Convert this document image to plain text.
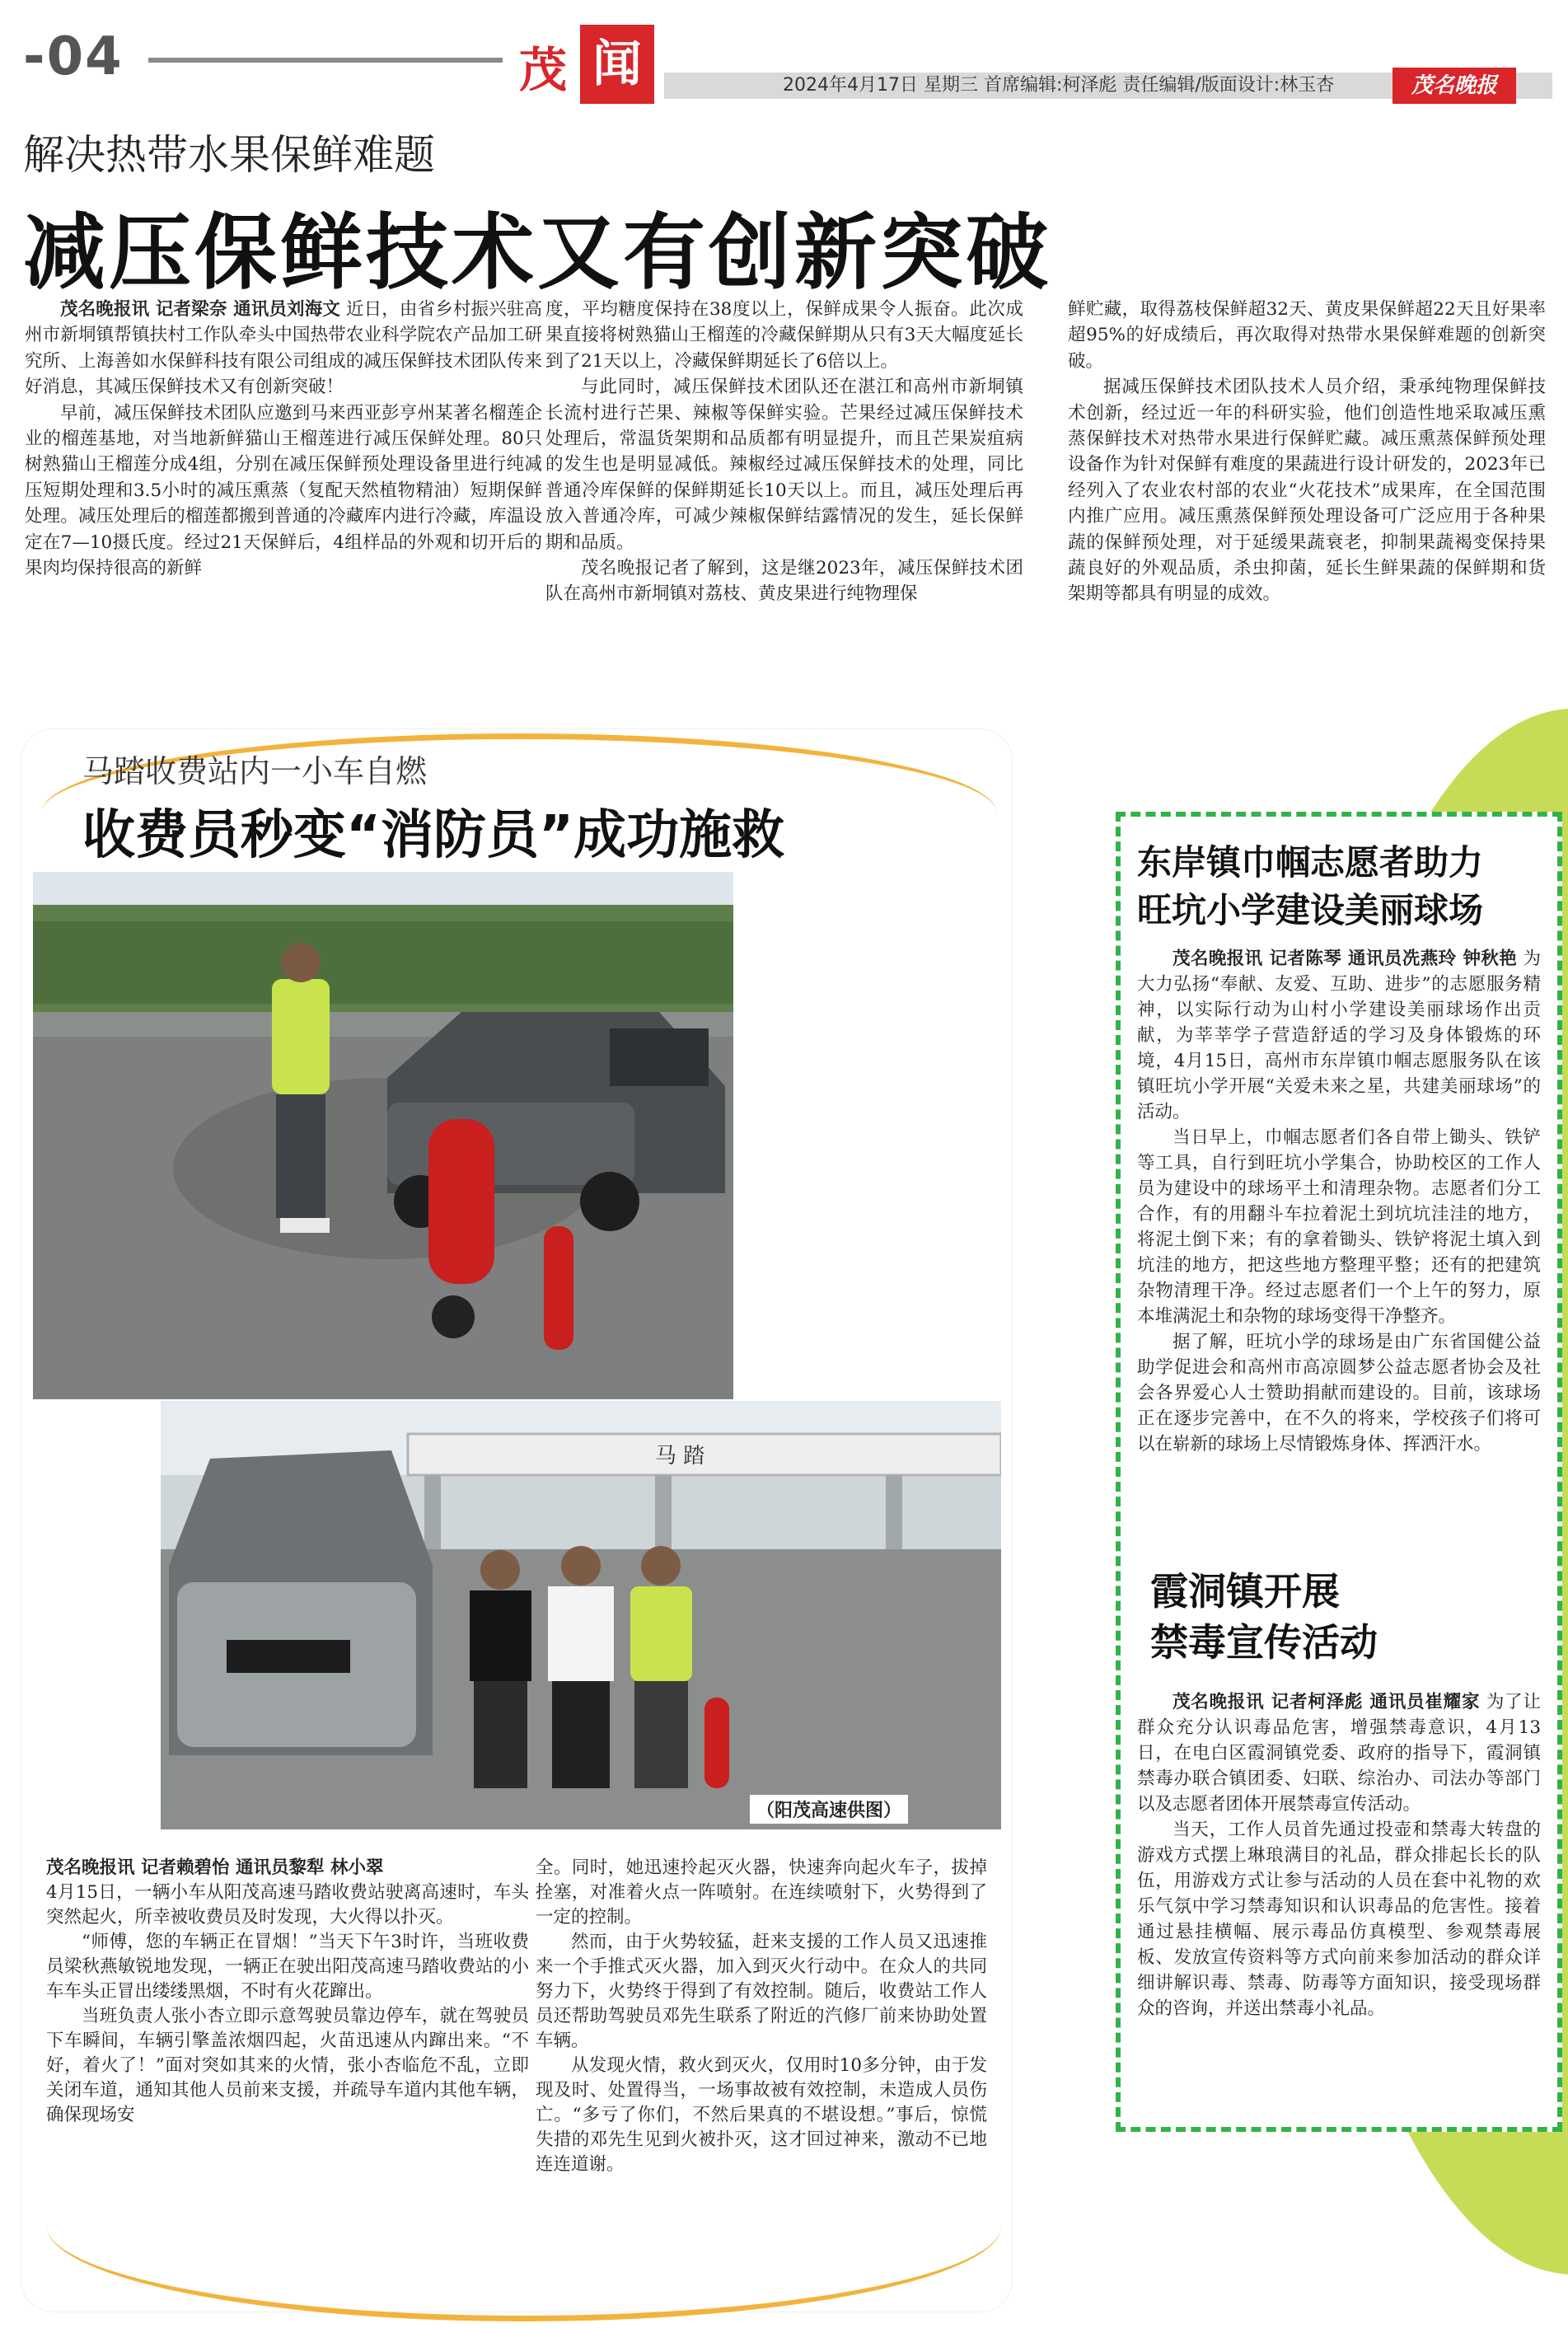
-04	茂 闻	2024年4月17日 星期三 首席编辑:柯泽彪 责任编辑/版面设计:林玉杏	茂名晚报
解决热带水果保鲜难题
减压保鲜技术又有创新突破

茂名晚报讯 记者梁奈 通讯员刘海文 近日，由省乡村振兴驻高州市新垌镇帮镇扶村工作队牵头中国热带农业科学院农产品加工研究所、上海善如水保鲜科技有限公司组成的减压保鲜技术团队传来好消息，其减压保鲜技术又有创新突破！

早前，减压保鲜技术团队应邀到马来西亚彭亨州某著名榴莲企业的榴莲基地，对当地新鲜猫山王榴莲进行减压保鲜处理。80只树熟猫山王榴莲分成4组，分别在减压保鲜预处理设备里进行纯减压短期处理和3.5小时的减压熏蒸（复配天然植物精油）短期保鲜处理。减压处理后的榴莲都搬到普通的冷藏库内进行冷藏，库温设定在7—10摄氏度。经过21天保鲜后，4组样品的外观和切开后的果肉均保持很高的新鲜

度，平均糖度保持在38度以上，保鲜成果令人振奋。此次成果直接将树熟猫山王榴莲的冷藏保鲜期从只有3天大幅度延长到了21天以上，冷藏保鲜期延长了6倍以上。

与此同时，减压保鲜技术团队还在湛江和高州市新垌镇长流村进行芒果、辣椒等保鲜实验。芒果经过减压保鲜技术处理后，常温货架期和品质都有明显提升，而且芒果炭疽病的发生也是明显减低。辣椒经过减压保鲜技术的处理，同比普通冷库保鲜的保鲜期延长10天以上。而且，减压处理后再放入普通冷库，可减少辣椒保鲜结露情况的发生，延长保鲜期和品质。

茂名晚报记者了解到，这是继2023年，减压保鲜技术团队在高州市新垌镇对荔枝、黄皮果进行纯物理保

鲜贮藏，取得荔枝保鲜超32天、黄皮果保鲜超22天且好果率超95%的好成绩后，再次取得对热带水果保鲜难题的创新突破。

据减压保鲜技术团队技术人员介绍，秉承纯物理保鲜技术创新，经过近一年的科研实验，他们创造性地采取减压熏蒸保鲜技术对热带水果进行保鲜贮藏。减压熏蒸保鲜预处理设备作为针对保鲜有难度的果蔬进行设计研发的，2023年已经列入了农业农村部的农业“火花技术”成果库，在全国范围内推广应用。减压熏蒸保鲜预处理设备可广泛应用于各种果蔬的保鲜预处理，对于延缓果蔬衰老，抑制果蔬褐变保持果蔬良好的外观品质，杀虫抑菌，延长生鲜果蔬的保鲜期和货架期等都具有明显的成效。

马踏收费站内一小车自燃
收费员秒变“消防员”成功施救
马 踏
（阳茂高速供图）

茂名晚报讯 记者赖碧怡 通讯员黎犁 林小翠

4月15日，一辆小车从阳茂高速马踏收费站驶离高速时，车头突然起火，所幸被收费员及时发现，大火得以扑灭。

“师傅，您的车辆正在冒烟！”当天下午3时许，当班收费员梁秋燕敏锐地发现，一辆正在驶出阳茂高速马踏收费站的小车车头正冒出缕缕黑烟，不时有火花蹿出。

当班负责人张小杏立即示意驾驶员靠边停车，就在驾驶员下车瞬间，车辆引擎盖浓烟四起，火苗迅速从内蹿出来。“不好，着火了！”面对突如其来的火情，张小杏临危不乱，立即关闭车道，通知其他人员前来支援，并疏导车道内其他车辆，确保现场安

全。同时，她迅速拎起灭火器，快速奔向起火车子，拔掉拴塞，对准着火点一阵喷射。在连续喷射下，火势得到了一定的控制。

然而，由于火势较猛，赶来支援的工作人员又迅速推来一个手推式灭火器，加入到灭火行动中。在众人的共同努力下，火势终于得到了有效控制。随后，收费站工作人员还帮助驾驶员邓先生联系了附近的汽修厂前来协助处置车辆。

从发现火情，救火到灭火，仅用时10多分钟，由于发现及时、处置得当，一场事故被有效控制，未造成人员伤亡。“多亏了你们，不然后果真的不堪设想。”事后，惊慌失措的邓先生见到火被扑灭，这才回过神来，激动不已地连连道谢。

东岸镇巾帼志愿者助力
旺坑小学建设美丽球场

茂名晚报讯 记者陈琴 通讯员冼燕玲 钟秋艳 为大力弘扬“奉献、友爱、互助、进步”的志愿服务精神，以实际行动为山村小学建设美丽球场作出贡献，为莘莘学子营造舒适的学习及身体锻炼的环境，4月15日，高州市东岸镇巾帼志愿服务队在该镇旺坑小学开展“关爱未来之星，共建美丽球场”的活动。

当日早上，巾帼志愿者们各自带上锄头、铁铲等工具，自行到旺坑小学集合，协助校区的工作人员为建设中的球场平土和清理杂物。志愿者们分工合作，有的用翻斗车拉着泥土到坑坑洼洼的地方，将泥土倒下来；有的拿着锄头、铁铲将泥土填入到坑洼的地方，把这些地方整理平整；还有的把建筑杂物清理干净。经过志愿者们一个上午的努力，原本堆满泥土和杂物的球场变得干净整齐。

据了解，旺坑小学的球场是由广东省国健公益助学促进会和高州市高凉圆梦公益志愿者协会及社会各界爱心人士赞助捐献而建设的。目前，该球场正在逐步完善中，在不久的将来，学校孩子们将可以在崭新的球场上尽情锻炼身体、挥洒汗水。

霞洞镇开展
禁毒宣传活动

茂名晚报讯 记者柯泽彪 通讯员崔耀家 为了让群众充分认识毒品危害，增强禁毒意识，4月13日，在电白区霞洞镇党委、政府的指导下，霞洞镇禁毒办联合镇团委、妇联、综治办、司法办等部门以及志愿者团体开展禁毒宣传活动。

当天，工作人员首先通过投壶和禁毒大转盘的游戏方式摆上琳琅满目的礼品，群众排起长长的队伍，用游戏方式让参与活动的人员在套中礼物的欢乐气氛中学习禁毒知识和认识毒品的危害性。接着通过悬挂横幅、展示毒品仿真模型、参观禁毒展板、发放宣传资料等方式向前来参加活动的群众详细讲解识毒、禁毒、防毒等方面知识，接受现场群众的咨询，并送出禁毒小礼品。
